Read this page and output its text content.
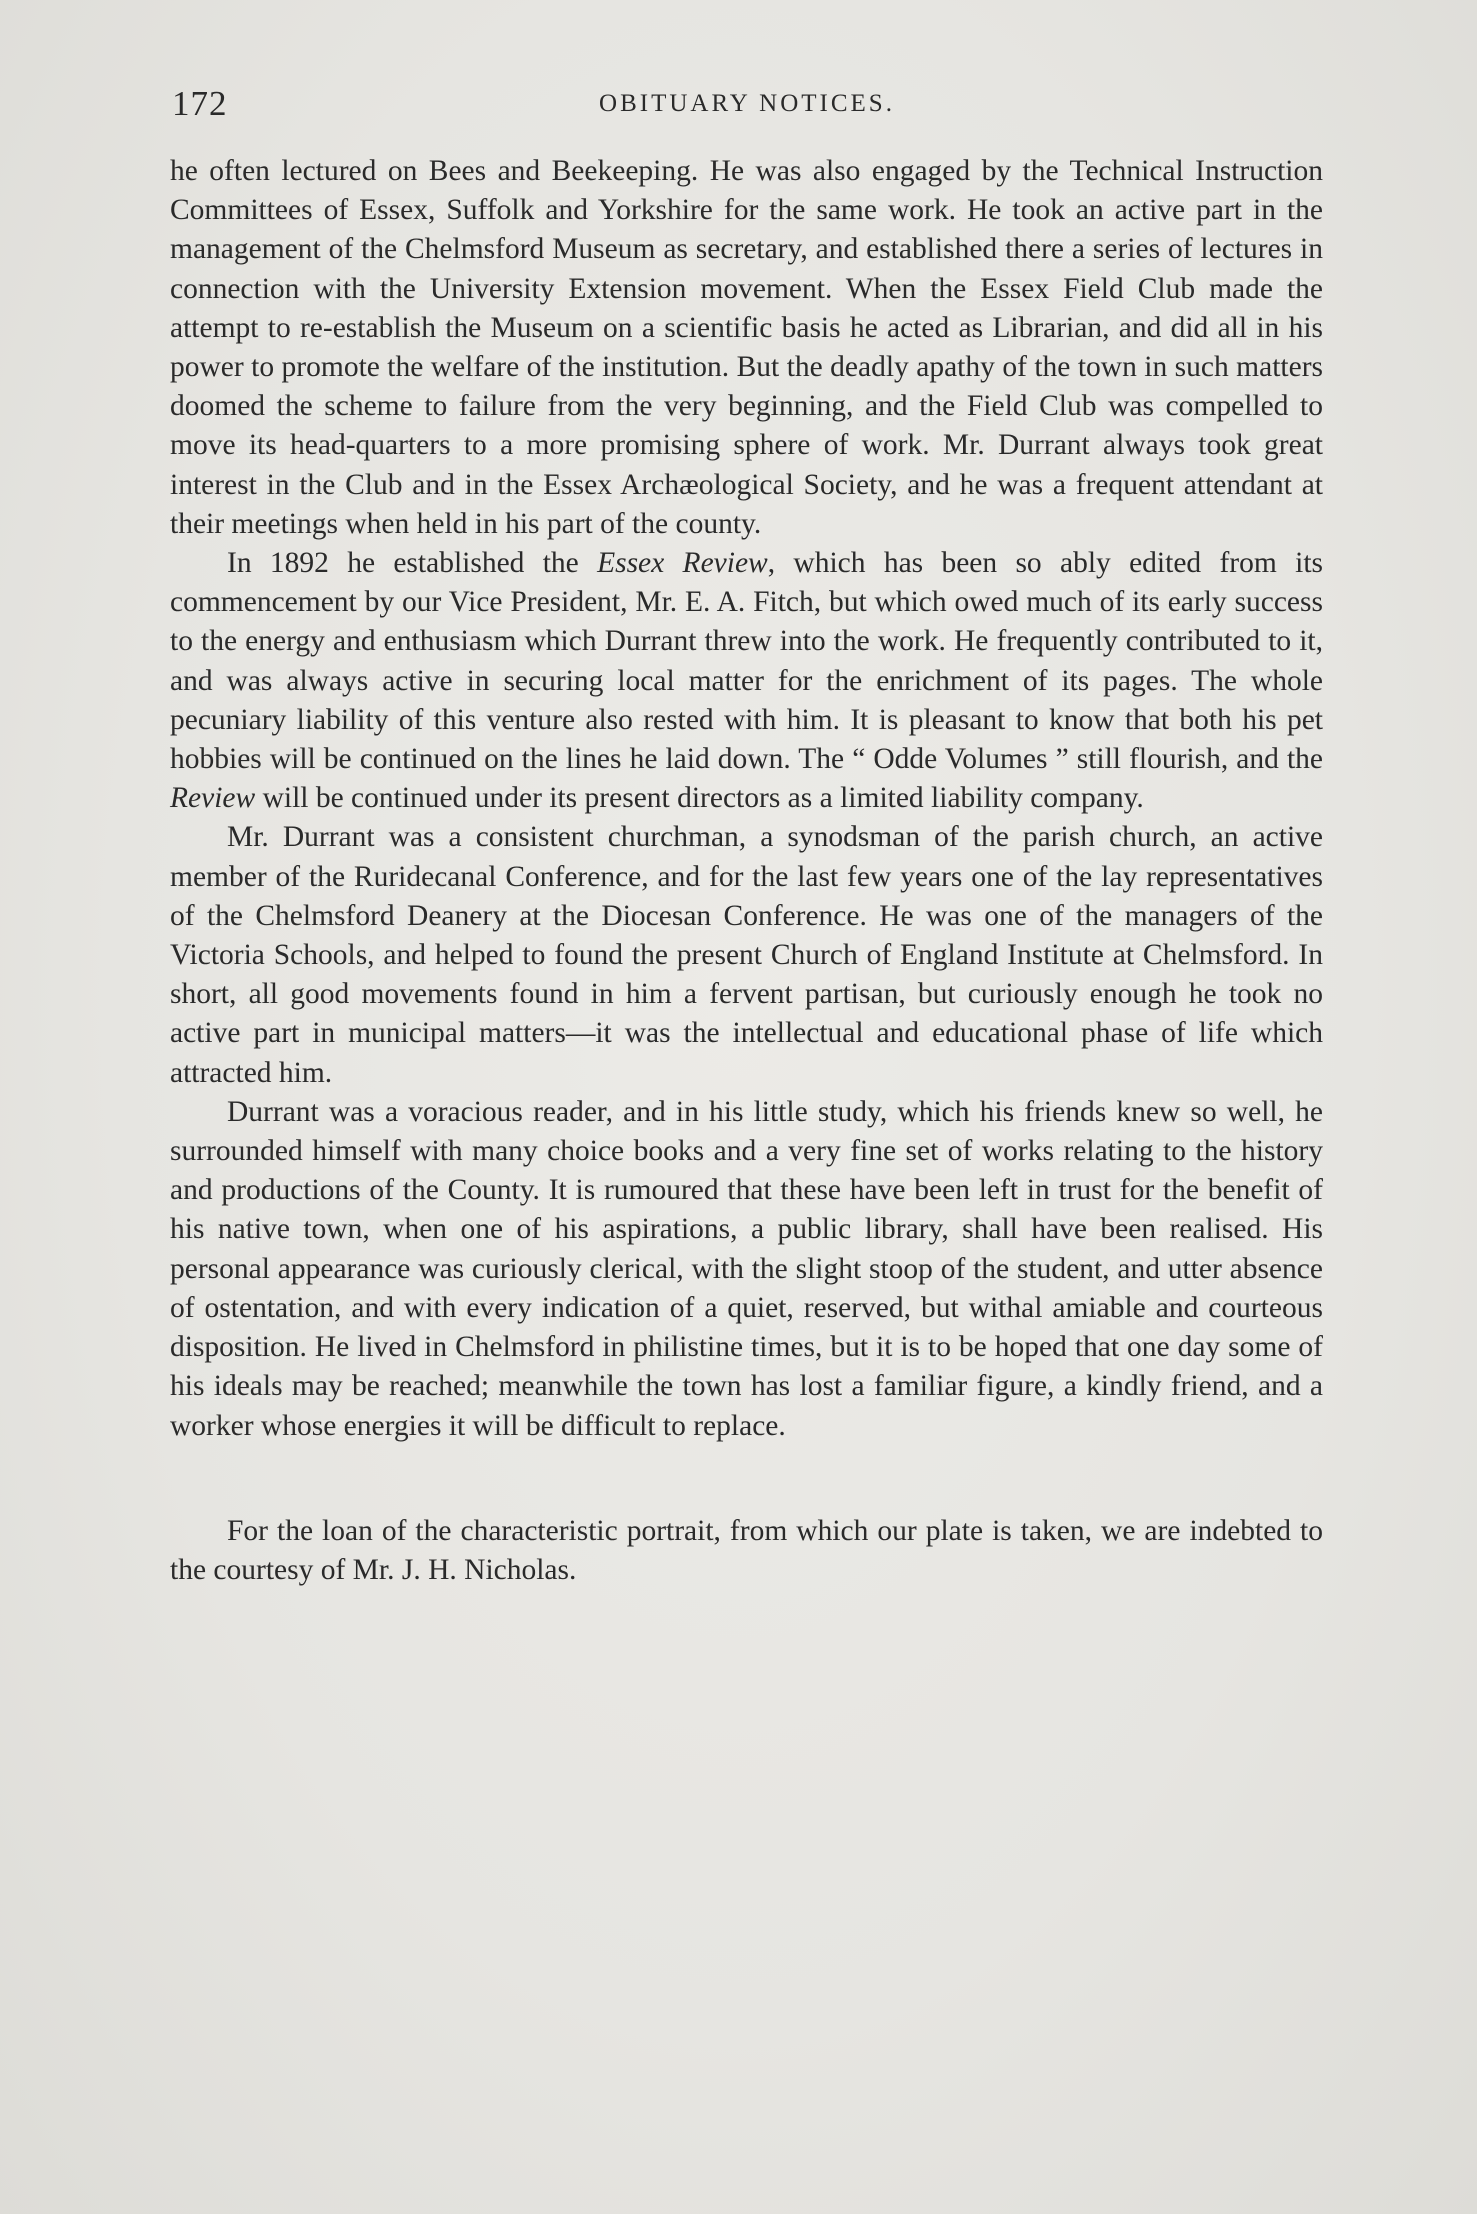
172	OBITUARY NOTICES.

he often lectured on Bees and Beekeeping. He was also engaged by the Technical Instruction Committees of Essex, Suffolk and Yorkshire for the same work. He took an active part in the management of the Chelmsford Museum as secretary, and established there a series of lectures in connection with the University Extension movement. When the Essex Field Club made the attempt to re-establish the Museum on a scientific basis he acted as Librarian, and did all in his power to promote the welfare of the institution. But the deadly apathy of the town in such matters doomed the scheme to failure from the very beginning, and the Field Club was compelled to move its head-quarters to a more promising sphere of work. Mr. Durrant always took great interest in the Club and in the Essex Archæological Society, and he was a frequent attendant at their meetings when held in his part of the county.

In 1892 he established the Essex Review, which has been so ably edited from its commencement by our Vice President, Mr. E. A. Fitch, but which owed much of its early success to the energy and enthusiasm which Durrant threw into the work. He frequently contributed to it, and was always active in securing local matter for the enrichment of its pages. The whole pecuniary liability of this venture also rested with him. It is pleasant to know that both his pet hobbies will be continued on the lines he laid down. The “ Odde Volumes ” still flourish, and the Review will be continued under its present directors as a limited liability company.

Mr. Durrant was a consistent churchman, a synodsman of the parish church, an active member of the Ruridecanal Conference, and for the last few years one of the lay representatives of the Chelmsford Deanery at the Diocesan Conference. He was one of the managers of the Victoria Schools, and helped to found the present Church of England Institute at Chelmsford. In short, all good movements found in him a fervent partisan, but curiously enough he took no active part in municipal matters—it was the intellectual and educational phase of life which attracted him.

Durrant was a voracious reader, and in his little study, which his friends knew so well, he surrounded himself with many choice books and a very fine set of works relating to the history and productions of the County. It is rumoured that these have been left in trust for the benefit of his native town, when one of his aspirations, a public library, shall have been realised. His personal appearance was curiously clerical, with the slight stoop of the student, and utter absence of ostentation, and with every indication of a quiet, reserved, but withal amiable and courteous disposition. He lived in Chelmsford in philistine times, but it is to be hoped that one day some of his ideals may be reached; meanwhile the town has lost a familiar figure, a kindly friend, and a worker whose energies it will be difficult to replace.

For the loan of the characteristic portrait, from which our plate is taken, we are indebted to the courtesy of Mr. J. H. Nicholas.
